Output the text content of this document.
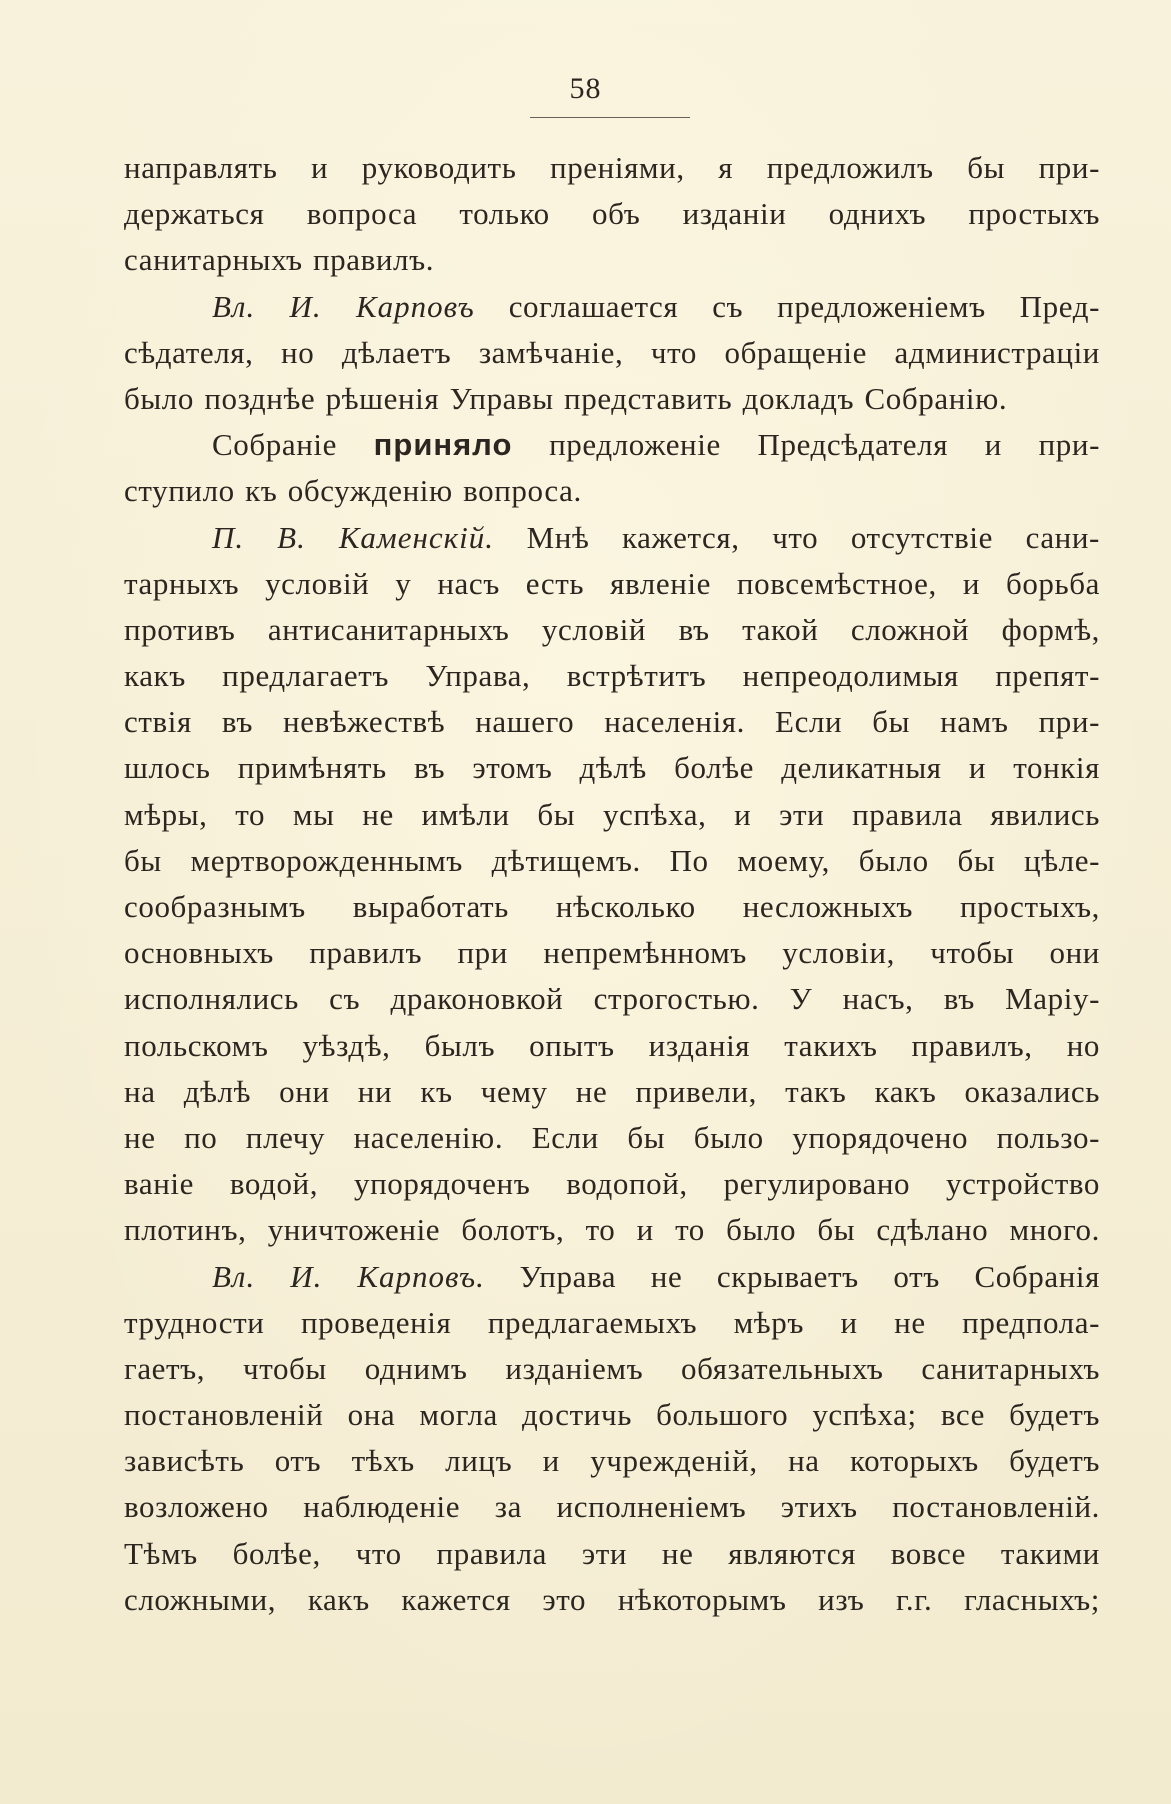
58
направлять и руководить преніями, я предложилъ бы при-
держаться вопроса только объ изданіи однихъ простыхъ
санитарныхъ правилъ.
Вл. И. Карповъ соглашается съ предложеніемъ Пред-
сѣдателя, но дѣлаетъ замѣчаніе, что обращеніе администраціи
было позднѣе рѣшенія Управы представить докладъ Собранію.
Собраніе приняло предложеніе Предсѣдателя и при-
ступило къ обсужденію вопроса.
П. В. Каменскій. Мнѣ кажется, что отсутствіе сани-
тарныхъ условій у насъ есть явленіе повсемѣстное, и борьба
противъ антисанитарныхъ условій въ такой сложной формѣ,
какъ предлагаетъ Управа, встрѣтитъ непреодолимыя препят-
ствія въ невѣжествѣ нашего населенія. Если бы намъ при-
шлось примѣнять въ этомъ дѣлѣ болѣе деликатныя и тонкія
мѣры, то мы не имѣли бы успѣха, и эти правила явились
бы мертворожденнымъ дѣтищемъ. По моему, было бы цѣле-
сообразнымъ выработать нѣсколько несложныхъ простыхъ,
основныхъ правилъ при непремѣнномъ условіи, чтобы они
исполнялись съ драконовкой строгостью. У насъ, въ Маріу-
польскомъ уѣздѣ, былъ опытъ изданія такихъ правилъ, но
на дѣлѣ они ни къ чему не привели, такъ какъ оказались
не по плечу населенію. Если бы было упорядочено пользо-
ваніе водой, упорядоченъ водопой, регулировано устройство
плотинъ, уничтоженіе болотъ, то и то было бы сдѣлано много.
Вл. И. Карповъ. Управа не скрываетъ отъ Собранія
трудности проведенія предлагаемыхъ мѣръ и не предпола-
гаетъ, чтобы однимъ изданіемъ обязательныхъ санитарныхъ
постановленій она могла достичь большого успѣха; все будетъ
зависѣть отъ тѣхъ лицъ и учрежденій, на которыхъ будетъ
возложено наблюденіе за исполненіемъ этихъ постановленій.
Тѣмъ болѣе, что правила эти не являются вовсе такими
сложными, какъ кажется это нѣкоторымъ изъ г.г. гласныхъ;
